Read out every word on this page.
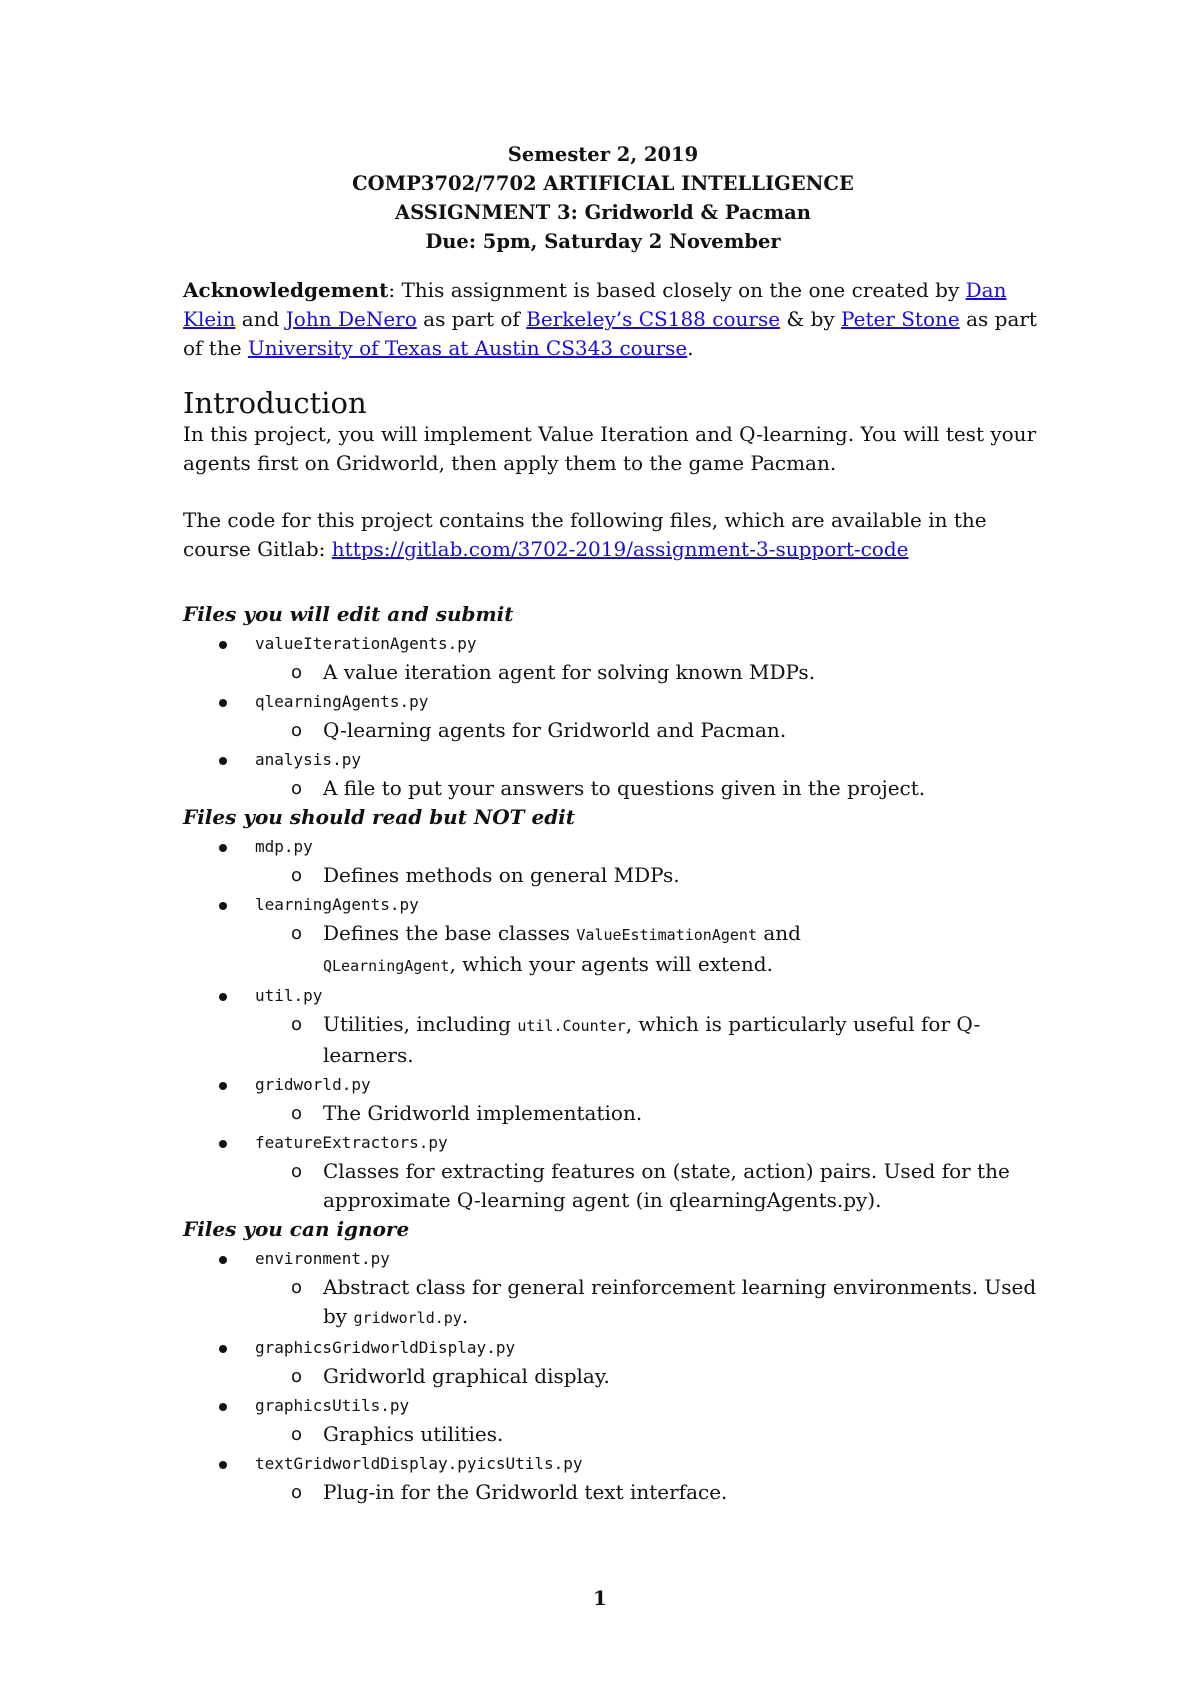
Semester 2, 2019
COMP3702/7702 ARTIFICIAL INTELLIGENCE
ASSIGNMENT 3: Gridworld & Pacman
Due: 5pm, Saturday 2 November
Acknowledgement: This assignment is based closely on the one created by Dan Klein and John DeNero as part of Berkeley’s CS188 course & by Peter Stone as part of the University of Texas at Austin CS343 course.
Introduction

In this project, you will implement Value Iteration and Q-learning. You will test your agents first on Gridworld, then apply them to the game Pacman.

The code for this project contains the following files, which are available in the course Gitlab: https://gitlab.com/3702-2019/assignment-3-support-code

Files you will edit and submit
valueIterationAgents.py
o A value iteration agent for solving known MDPs.
qlearningAgents.py
o Q-learning agents for Gridworld and Pacman.
analysis.py
o A file to put your answers to questions given in the project.
Files you should read but NOT edit
mdp.py
o Defines methods on general MDPs.
learningAgents.py
o Defines the base classes ValueEstimationAgent and
QLearningAgent, which your agents will extend.
util.py
o Utilities, including util.Counter, which is particularly useful for Q-learners.
gridworld.py
o The Gridworld implementation.
featureExtractors.py
o Classes for extracting features on (state, action) pairs. Used for the approximate Q-learning agent (in qlearningAgents.py).
Files you can ignore
environment.py
o Abstract class for general reinforcement learning environments. Used by gridworld.py.
graphicsGridworldDisplay.py
o Gridworld graphical display.
graphicsUtils.py
o Graphics utilities.
textGridworldDisplay.pyicsUtils.py
o Plug-in for the Gridworld text interface.
1
